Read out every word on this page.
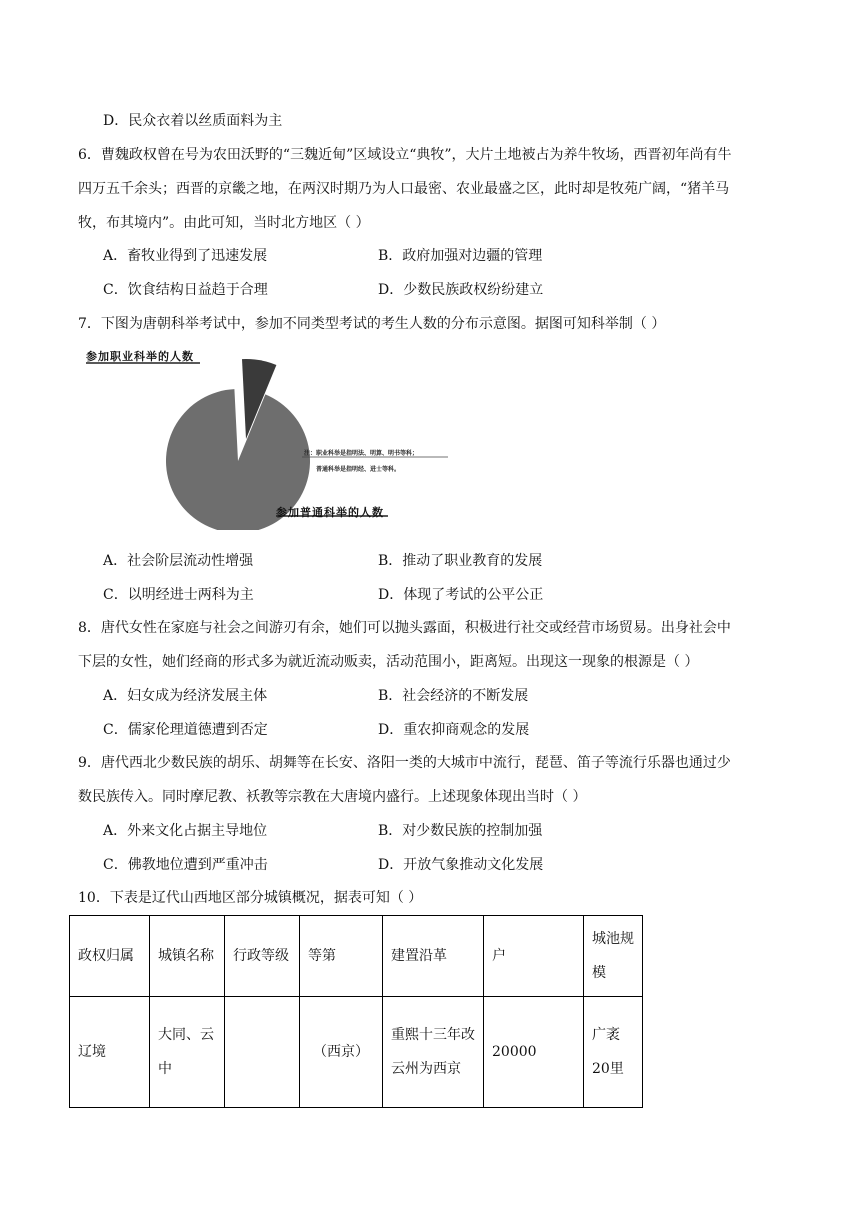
D．民众衣着以丝质面料为主
6．曹魏政权曾在号为农田沃野的“三魏近甸”区域设立“典牧”，大片土地被占为养牛牧场，西晋初年尚有牛
四万五千余头；西晋的京畿之地，在两汉时期乃为人口最密、农业最盛之区，此时却是牧苑广阔，“猪羊马
牧，布其境内”。由此可知，当时北方地区（ ）
A．畜牧业得到了迅速发展	B．政府加强对边疆的管理
C．饮食结构日益趋于合理	D．少数民族政权纷纷建立
7．下图为唐朝科举考试中，参加不同类型考试的考生人数的分布示意图。据图可知科举制（ ）
参加职业科举的人数
注：职业科举是指明法、明算、明书等科；
普通科举是指明经、进士等科。
参加普通科举的人数
A．社会阶层流动性增强	B．推动了职业教育的发展
C．以明经进士两科为主	D．体现了考试的公平公正
8．唐代女性在家庭与社会之间游刃有余，她们可以抛头露面，积极进行社交或经营市场贸易。出身社会中
下层的女性，她们经商的形式多为就近流动贩卖，活动范围小，距离短。出现这一现象的根源是（ ）
A．妇女成为经济发展主体	B．社会经济的不断发展
C．儒家伦理道德遭到否定	D．重农抑商观念的发展
9．唐代西北少数民族的胡乐、胡舞等在长安、洛阳一类的大城市中流行，琵琶、笛子等流行乐器也通过少
数民族传入。同时摩尼教、袄教等宗教在大唐境内盛行。上述现象体现出当时（ ）
A．外来文化占据主导地位	B．对少数民族的控制加强
C．佛教地位遭到严重冲击	D．开放气象推动文化发展
10．下表是辽代山西地区部分城镇概况，据表可知（ ）
政权归属	城镇名称	行政等级	等第	建置沿革	户	城池规模
辽境	大同、云中		（西京）	重熙十三年改云州为西京	20000	广袤20里
